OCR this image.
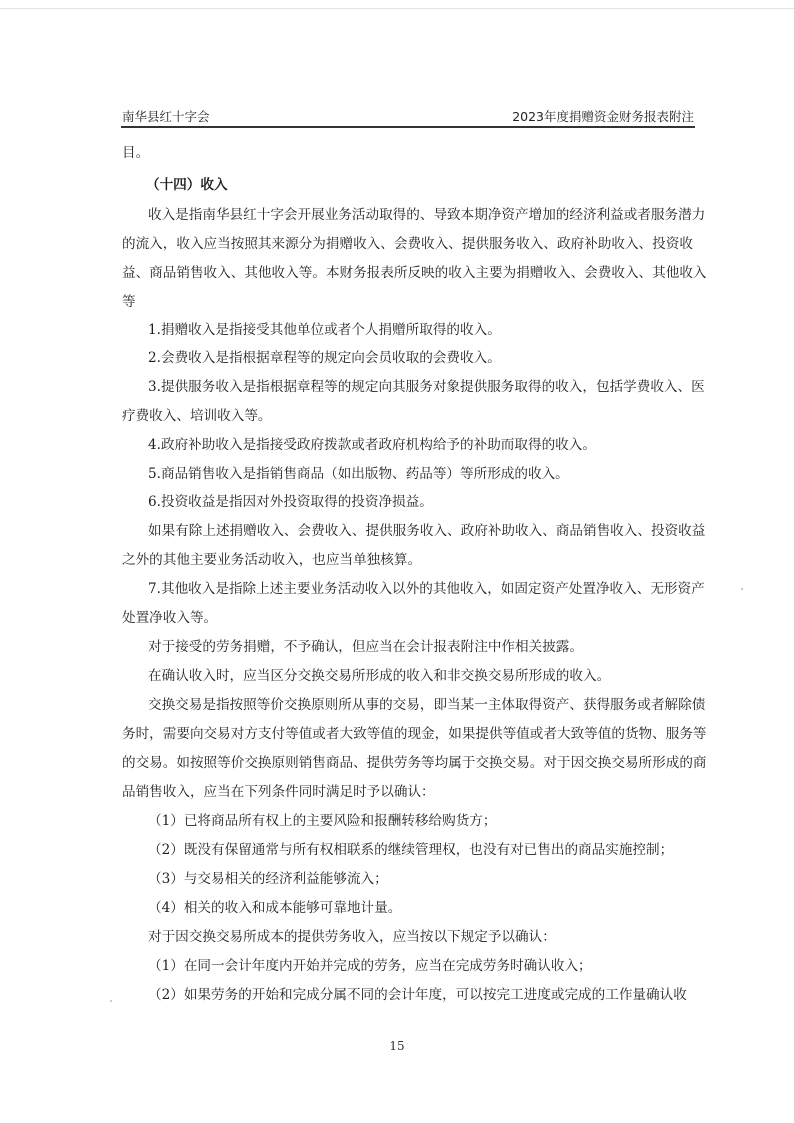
南华县红十字会	2023年度捐赠资金财务报表附注
目。
（十四）收入
收入是指南华县红十字会开展业务活动取得的、导致本期净资产增加的经济利益或者服务潜力
的流入，收入应当按照其来源分为捐赠收入、会费收入、提供服务收入、政府补助收入、投资收
益、商品销售收入、其他收入等。本财务报表所反映的收入主要为捐赠收入、会费收入、其他收入
等
1.捐赠收入是指接受其他单位或者个人捐赠所取得的收入。
2.会费收入是指根据章程等的规定向会员收取的会费收入。
3.提供服务收入是指根据章程等的规定向其服务对象提供服务取得的收入，包括学费收入、医
疗费收入、培训收入等。
4.政府补助收入是指接受政府拨款或者政府机构给予的补助而取得的收入。
5.商品销售收入是指销售商品（如出版物、药品等）等所形成的收入。
6.投资收益是指因对外投资取得的投资净损益。
如果有除上述捐赠收入、会费收入、提供服务收入、政府补助收入、商品销售收入、投资收益
之外的其他主要业务活动收入，也应当单独核算。
7.其他收入是指除上述主要业务活动收入以外的其他收入，如固定资产处置净收入、无形资产
处置净收入等。
对于接受的劳务捐赠，不予确认，但应当在会计报表附注中作相关披露。
在确认收入时，应当区分交换交易所形成的收入和非交换交易所形成的收入。
交换交易是指按照等价交换原则所从事的交易，即当某一主体取得资产、获得服务或者解除债
务时，需要向交易对方支付等值或者大致等值的现金，如果提供等值或者大致等值的货物、服务等
的交易。如按照等价交换原则销售商品、提供劳务等均属于交换交易。对于因交换交易所形成的商
品销售收入，应当在下列条件同时满足时予以确认：
（1）已将商品所有权上的主要风险和报酬转移给购货方；
（2）既没有保留通常与所有权相联系的继续管理权，也没有对已售出的商品实施控制；
（3）与交易相关的经济利益能够流入；
（4）相关的收入和成本能够可靠地计量。
对于因交换交易所成本的提供劳务收入，应当按以下规定予以确认：
（1）在同一会计年度内开始并完成的劳务，应当在完成劳务时确认收入；
（2）如果劳务的开始和完成分属不同的会计年度，可以按完工进度或完成的工作量确认收
15
